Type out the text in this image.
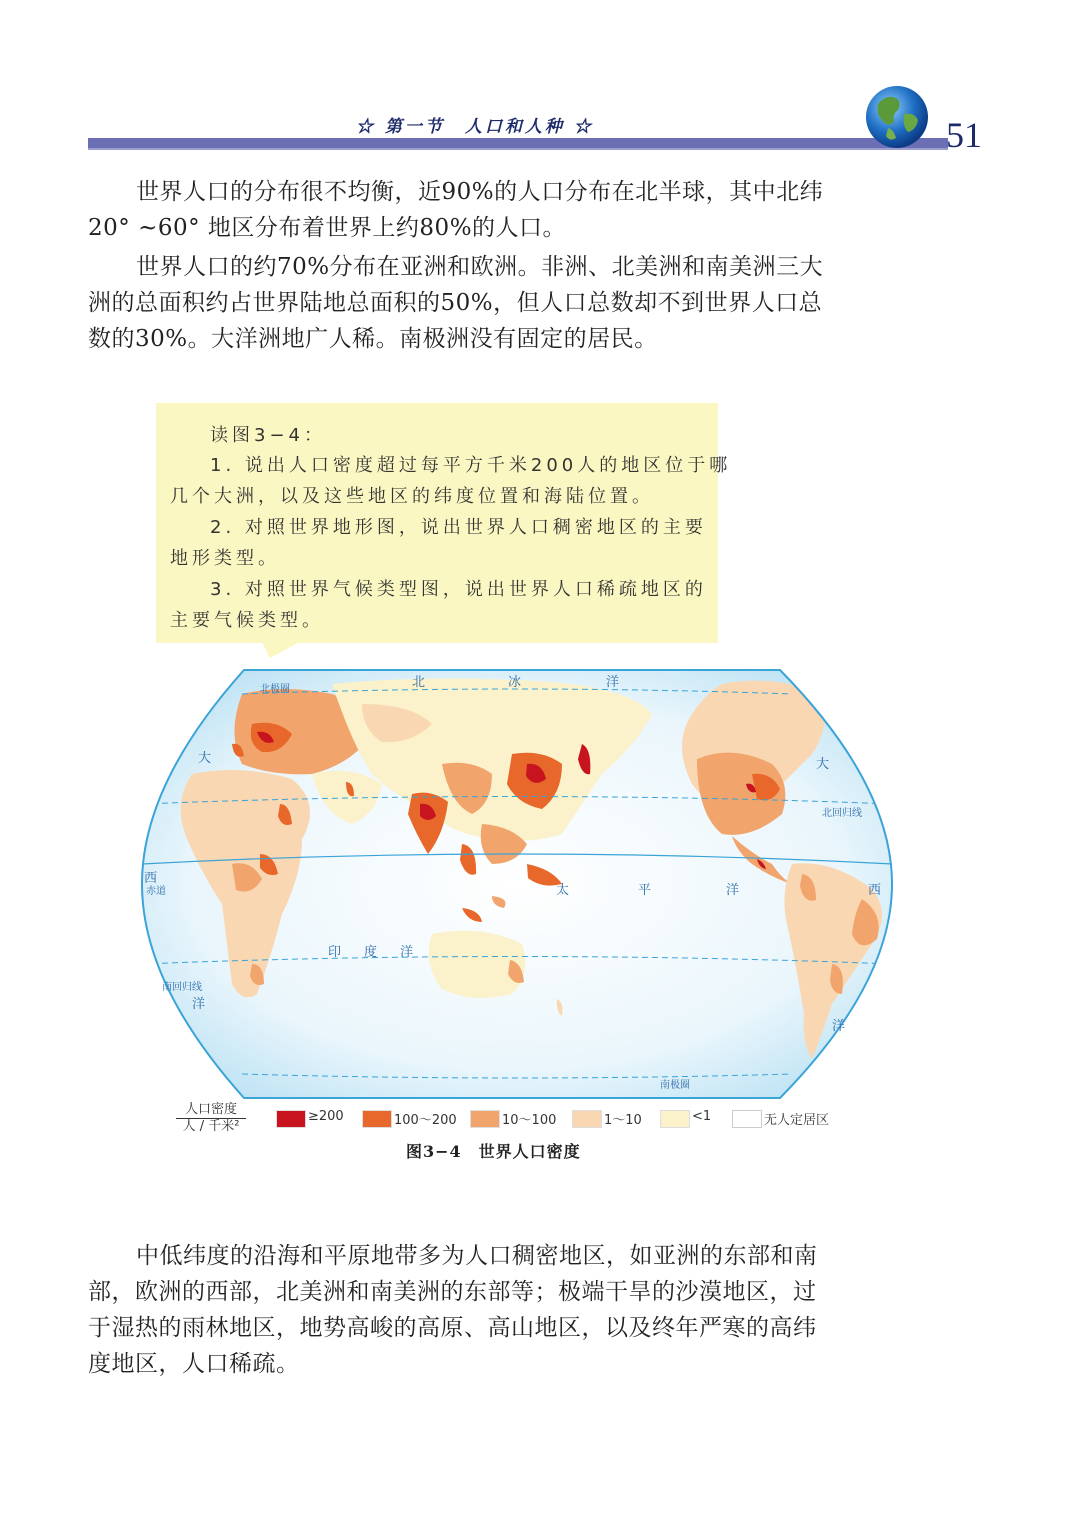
☆ 第一节　人口和人种 ☆	51

世界人口的分布很不均衡，近90%的人口分布在北半球，其中北纬20° ~60° 地区分布着世界上约80%的人口。

世界人口的约70%分布在亚洲和欧洲。非洲、北美洲和南美洲三大洲的总面积约占世界陆地总面积的50%，但人口总数却不到世界人口总数的30%。大洋洲地广人稀。南极洲没有固定的居民。

读图3−4：
1. 说出人口密度超过每平方千米200人的地区位于哪
几个大洲，以及这些地区的纬度位置和海陆位置。
2. 对照世界地形图，说出世界人口稠密地区的主要
地形类型。
3. 对照世界气候类型图，说出世界人口稀疏地区的
主要气候类型。
北极圈
北回归线
赤道
南回归线
南极圈
北	冰	洋
大	大
西
西
太	平	洋
印 度 洋
洋
洋
人口密度
人 / 千米²
≥200	100～200	10～100	1～10	<1	无人定居区
图3−4　世界人口密度

中低纬度的沿海和平原地带多为人口稠密地区，如亚洲的东部和南部，欧洲的西部，北美洲和南美洲的东部等；极端干旱的沙漠地区，过于湿热的雨林地区，地势高峻的高原、高山地区，以及终年严寒的高纬度地区，人口稀疏。
